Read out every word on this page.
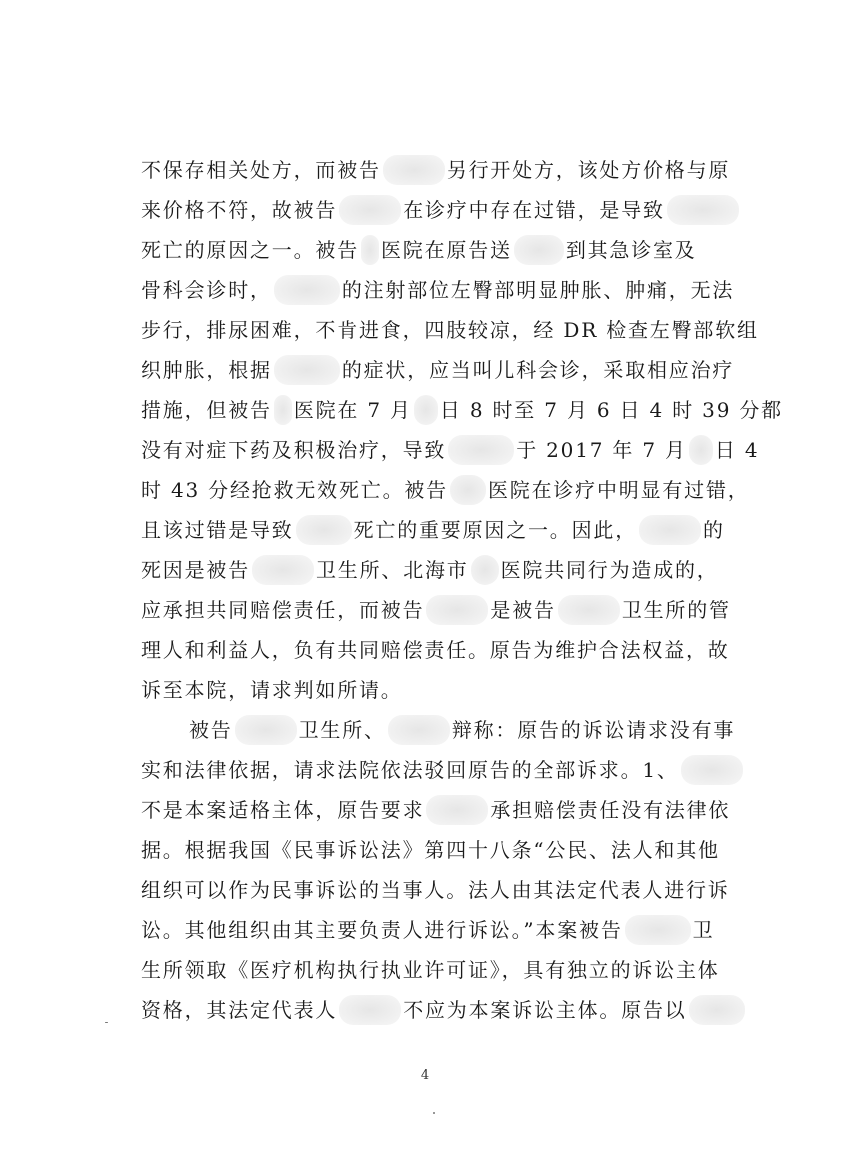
不保存相关处方，而被告	另行开处方，该处方价格与原
来价格不符，故被告	在诊疗中存在过错，是导致
死亡的原因之一。被告 医院在原告送	到其急诊室及
骨科会诊时，	的注射部位左臀部明显肿胀、肿痛，无法
步行，排尿困难，不肯进食，四肢较凉，经 DR 检查左臀部软组
织肿胀，根据	的症状，应当叫儿科会诊，采取相应治疗
措施，但被告 医院在 7 月 日 8 时至 7 月 6 日 4 时 39 分都
没有对症下药及积极治疗，导致	于 2017 年 7 月 日 4
时 43 分经抢救无效死亡。被告 医院在诊疗中明显有过错，
且该过错是导致	死亡的重要原因之一。因此，	的
死因是被告	卫生所、北海市 医院共同行为造成的，
应承担共同赔偿责任，而被告	是被告	卫生所的管
理人和利益人，负有共同赔偿责任。原告为维护合法权益，故
诉至本院，请求判如所请。
被告	卫生所、	辩称：原告的诉讼请求没有事
实和法律依据，请求法院依法驳回原告的全部诉求。1、
不是本案适格主体，原告要求	承担赔偿责任没有法律依
据。根据我国《民事诉讼法》第四十八条“公民、法人和其他
组织可以作为民事诉讼的当事人。法人由其法定代表人进行诉
讼。其他组织由其主要负责人进行诉讼。”本案被告	卫
生所领取《医疗机构执行执业许可证》，具有独立的诉讼主体
资格，其法定代表人	不应为本案诉讼主体。原告以
4
